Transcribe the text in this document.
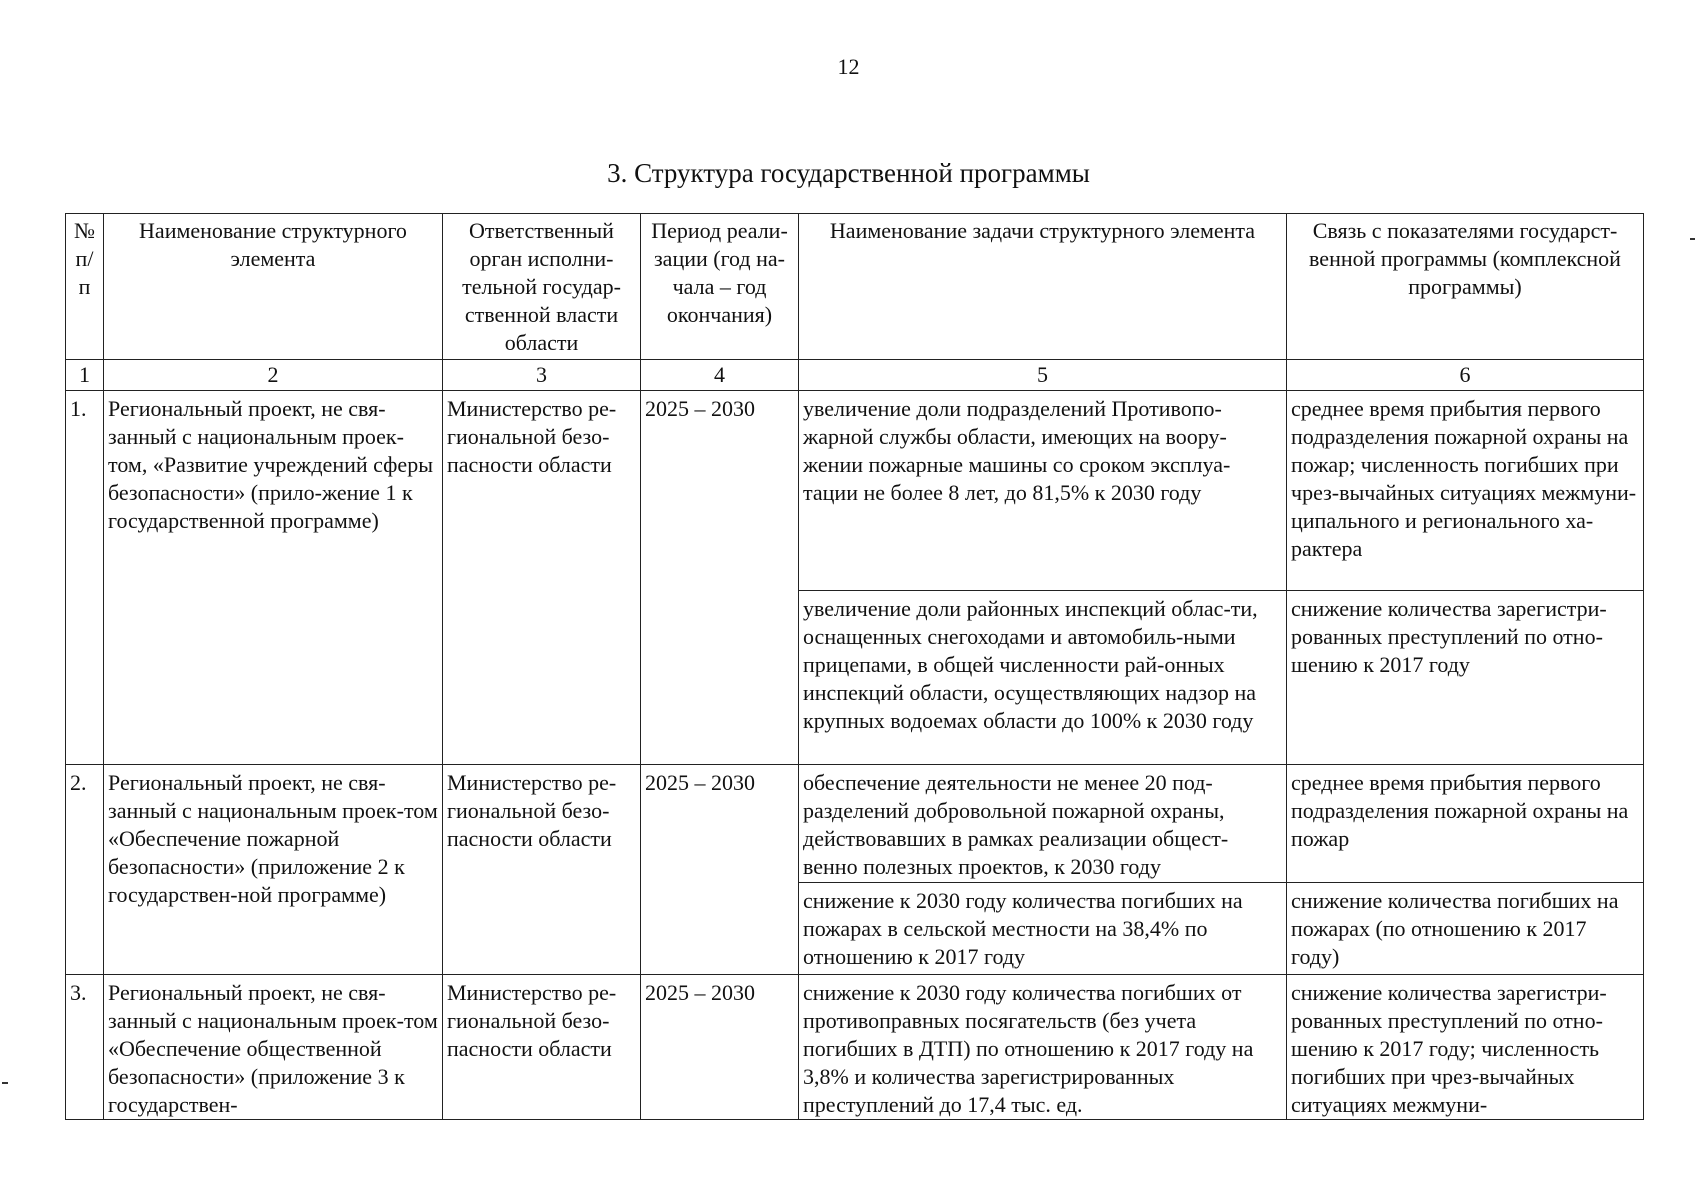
12
3. Структура государственной программы
№ п/п	Наименование структурного элемента	Ответственный орган исполни-тельной государ-ственной власти области	Период реали-зации (год на-чала – год окончания)	Наименование задачи структурного элемента	Связь с показателями государст-венной программы (комплексной программы)
1	2	3	4	5	6

1.	Региональный проект, не свя-занный с национальным проек-том, «Развитие учреждений сферы безопасности» (прило-жение 1 к государственной программе)	Министерство ре-гиональной безо-пасности области	2025 – 2030	увеличение доли подразделений Противопо-жарной службы области, имеющих на воору-жении пожарные машины со сроком эксплуа-тации не более 8 лет, до 81,5% к 2030 году	среднее время прибытия первого подразделения пожарной охраны на пожар; численность погибших при чрез-вычайных ситуациях межмуни-ципального и регионального ха-рактера

				увеличение доли районных инспекций облас-ти, оснащенных снегоходами и автомобиль-ными прицепами, в общей численности рай-онных инспекций области, осуществляющих надзор на крупных водоемах области до 100% к 2030 году	снижение количества зарегистри-рованных преступлений по отно-шению к 2017 году

2.	Региональный проект, не свя-занный с национальным проек-том «Обеспечение пожарной безопасности» (приложение 2 к государствен-ной программе)	Министерство ре-гиональной безо-пасности области	2025 – 2030	обеспечение деятельности не менее 20 под-разделений добровольной пожарной охраны, действовавших в рамках реализации общест-венно полезных проектов, к 2030 году	среднее время прибытия первого подразделения пожарной охраны на пожар

				снижение к 2030 году количества погибших на пожарах в сельской местности на 38,4% по отношению к 2017 году	снижение количества погибших на пожарах (по отношению к 2017 году)

3.	Региональный проект, не свя-занный с национальным проек-том «Обеспечение общественной безопасности» (приложение 3 к государствен-	Министерство ре-гиональной безо-пасности области	2025 – 2030	снижение к 2030 году количества погибших от противоправных посягательств (без учета погибших в ДТП) по отношению к 2017 году на 3,8% и количества зарегистрированных преступлений до 17,4 тыс. ед.	снижение количества зарегистри-рованных преступлений по отно-шению к 2017 году; численность погибших при чрез-вычайных ситуациях межмуни-
